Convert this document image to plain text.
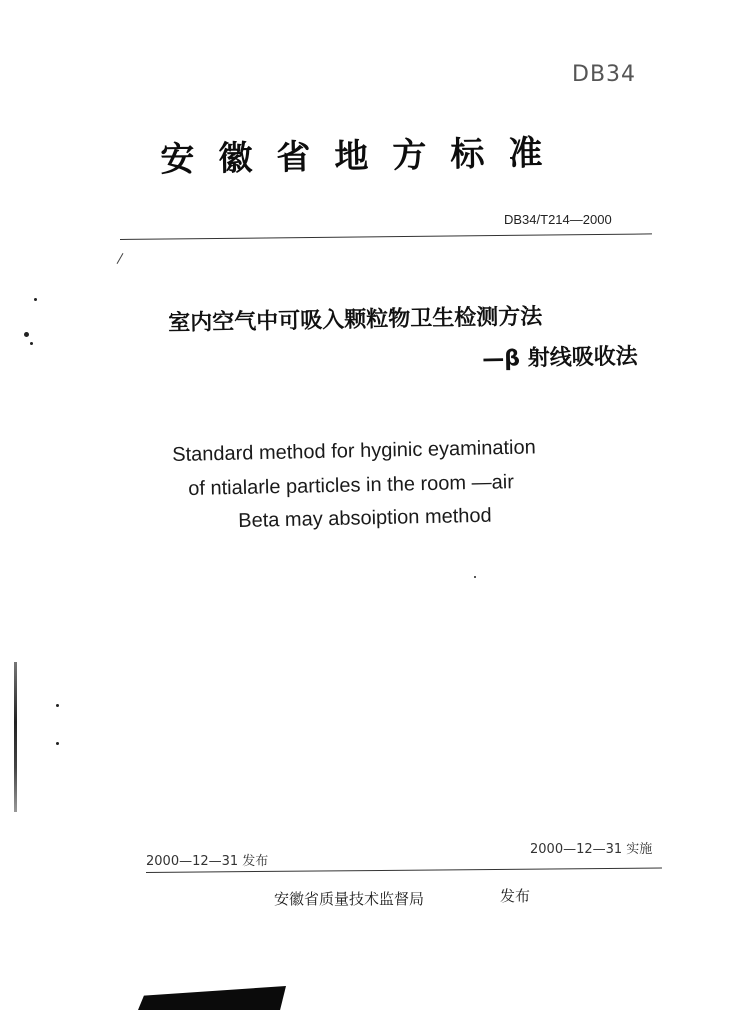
DB34
安徽省地方标准
DB34/T214—2000
室内空气中可吸入颗粒物卫生检测方法
—β 射线吸收法
Standard method for hyginic eyamination
of ntialarle particles in the room —air
Beta may absoiption method
2000—12—31 发布
2000—12—31 实施
安徽省质量技术监督局	发布
